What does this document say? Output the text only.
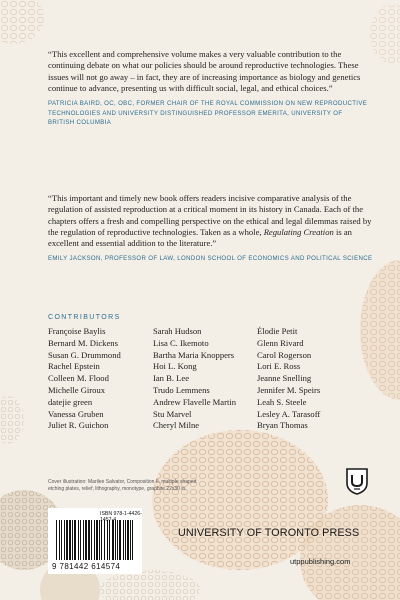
“This excellent and comprehensive volume makes a very valuable contribution to the continuing debate on what our policies should be around reproductive technologies. These issues will not go away – in fact, they are of increasing importance as biology and genetics continue to advance, presenting us with difficult social, legal, and ethical choices.”

PATRICIA BAIRD, OC, OBC, FORMER CHAIR OF THE ROYAL COMMISSION ON NEW REPRODUCTIVE TECHNOLOGIES AND UNIVERSITY DISTINGUISHED PROFESSOR EMERITA, UNIVERSITY OF BRITISH COLUMBIA

“This important and timely new book offers readers incisive comparative analysis of the regulation of assisted reproduction at a critical moment in its history in Canada. Each of the chapters offers a fresh and compelling perspective on the ethical and legal dilemmas raised by the regulation of reproductive technologies. Taken as a whole, Regulating Creation is an excellent and essential addition to the literature.”

EMILY JACKSON, PROFESSOR OF LAW, LONDON SCHOOL OF ECONOMICS AND POLITICAL SCIENCE
CONTRIBUTORS
Françoise Baylis
Bernard M. Dickens
Susan G. Drummond
Rachel Epstein
Colleen M. Flood
Michelle Giroux
datejie green
Vanessa Gruben
Juliet R. Guichon
Sarah Hudson
Lisa C. Ikemoto
Bartha Maria Knoppers
Hoi L. Kong
Ian B. Lee
Trudo Lemmens
Andrew Flavelle Martin
Stu Marvel
Cheryl Milne
Élodie Petit
Glenn Rivard
Carol Rogerson
Lori E. Ross
Jeanne Snelling
Jennifer M. Speirs
Leah S. Steele
Lesley A. Tarasoff
Bryan Thomas
Cover illustration: Marilee Salvator, Composition II, multiple shaped etching plates, relief, lithography, monotype, graphite 22x30 in.
ISBN 978-1-4426- 45
9 781442 614574
UNIVERSITY OF TORONTO PRESS
utppublishing.com
